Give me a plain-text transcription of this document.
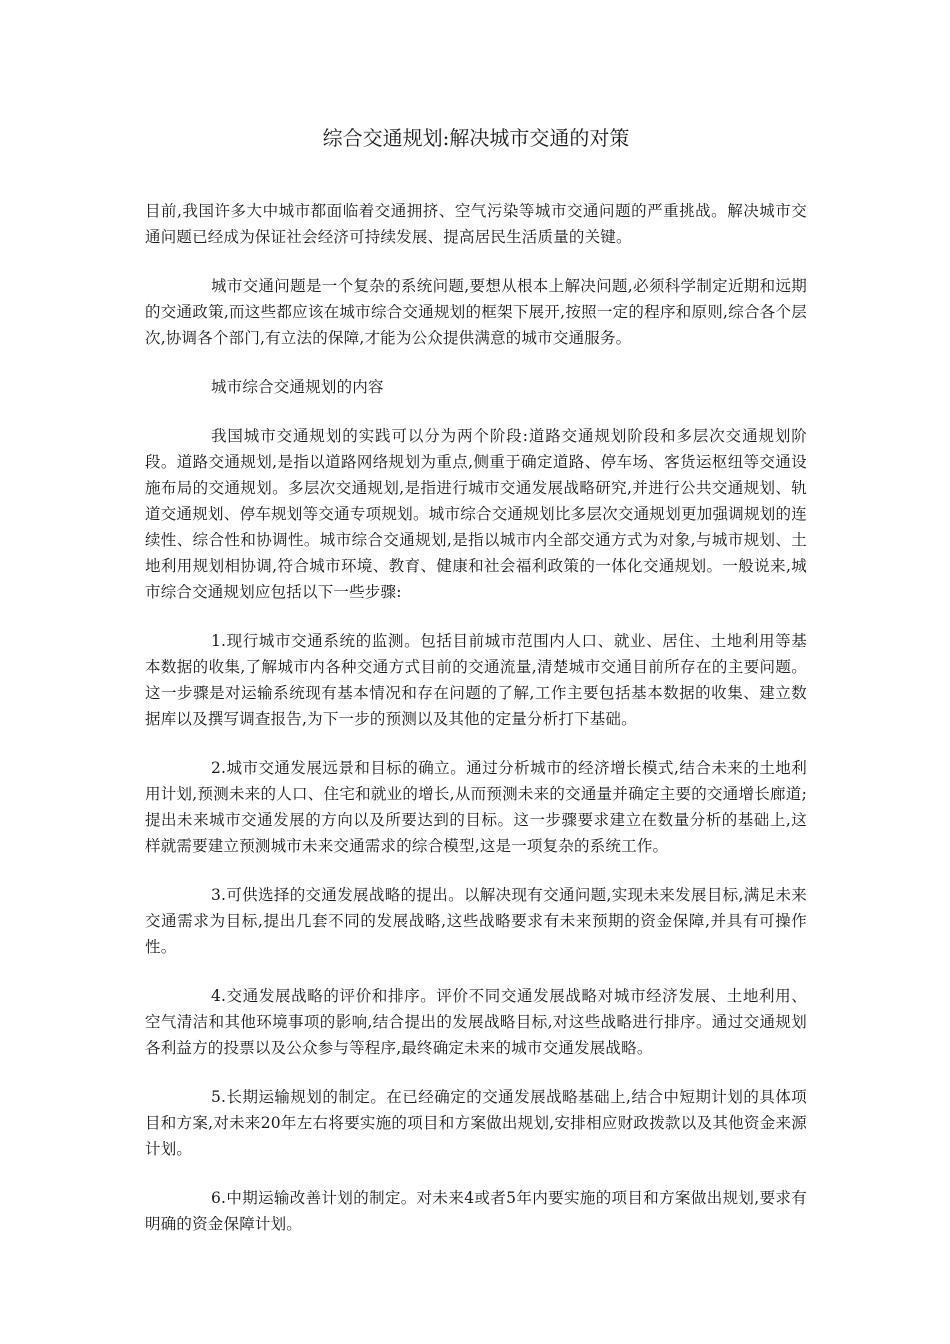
综合交通规划:解决城市交通的对策

目前,我国许多大中城市都面临着交通拥挤、空气污染等城市交通问题的严重挑战。解决城市交通问题已经成为保证社会经济可持续发展、提高居民生活质量的关键。

城市交通问题是一个复杂的系统问题,要想从根本上解决问题,必须科学制定近期和远期的交通政策,而这些都应该在城市综合交通规划的框架下展开,按照一定的程序和原则,综合各个层次,协调各个部门,有立法的保障,才能为公众提供满意的城市交通服务。

城市综合交通规划的内容

我国城市交通规划的实践可以分为两个阶段:道路交通规划阶段和多层次交通规划阶段。道路交通规划,是指以道路网络规划为重点,侧重于确定道路、停车场、客货运枢纽等交通设施布局的交通规划。多层次交通规划,是指进行城市交通发展战略研究,并进行公共交通规划、轨道交通规划、停车规划等交通专项规划。城市综合交通规划比多层次交通规划更加强调规划的连续性、综合性和协调性。城市综合交通规划,是指以城市内全部交通方式为对象,与城市规划、土地利用规划相协调,符合城市环境、教育、健康和社会福利政策的一体化交通规划。一般说来,城市综合交通规划应包括以下一些步骤:

1.现行城市交通系统的监测。包括目前城市范围内人口、就业、居住、土地利用等基本数据的收集,了解城市内各种交通方式目前的交通流量,清楚城市交通目前所存在的主要问题。这一步骤是对运输系统现有基本情况和存在问题的了解,工作主要包括基本数据的收集、建立数据库以及撰写调查报告,为下一步的预测以及其他的定量分析打下基础。

2.城市交通发展远景和目标的确立。通过分析城市的经济增长模式,结合未来的土地利用计划,预测未来的人口、住宅和就业的增长,从而预测未来的交通量并确定主要的交通增长廊道;提出未来城市交通发展的方向以及所要达到的目标。这一步骤要求建立在数量分析的基础上,这样就需要建立预测城市未来交通需求的综合模型,这是一项复杂的系统工作。

3.可供选择的交通发展战略的提出。以解决现有交通问题,实现未来发展目标,满足未来交通需求为目标,提出几套不同的发展战略,这些战略要求有未来预期的资金保障,并具有可操作性。

4.交通发展战略的评价和排序。评价不同交通发展战略对城市经济发展、土地利用、空气清洁和其他环境事项的影响,结合提出的发展战略目标,对这些战略进行排序。通过交通规划各利益方的投票以及公众参与等程序,最终确定未来的城市交通发展战略。

5.长期运输规划的制定。在已经确定的交通发展战略基础上,结合中短期计划的具体项目和方案,对未来20年左右将要实施的项目和方案做出规划,安排相应财政拨款以及其他资金来源计划。

6.中期运输改善计划的制定。对未来4或者5年内要实施的项目和方案做出规划,要求有明确的资金保障计划。
